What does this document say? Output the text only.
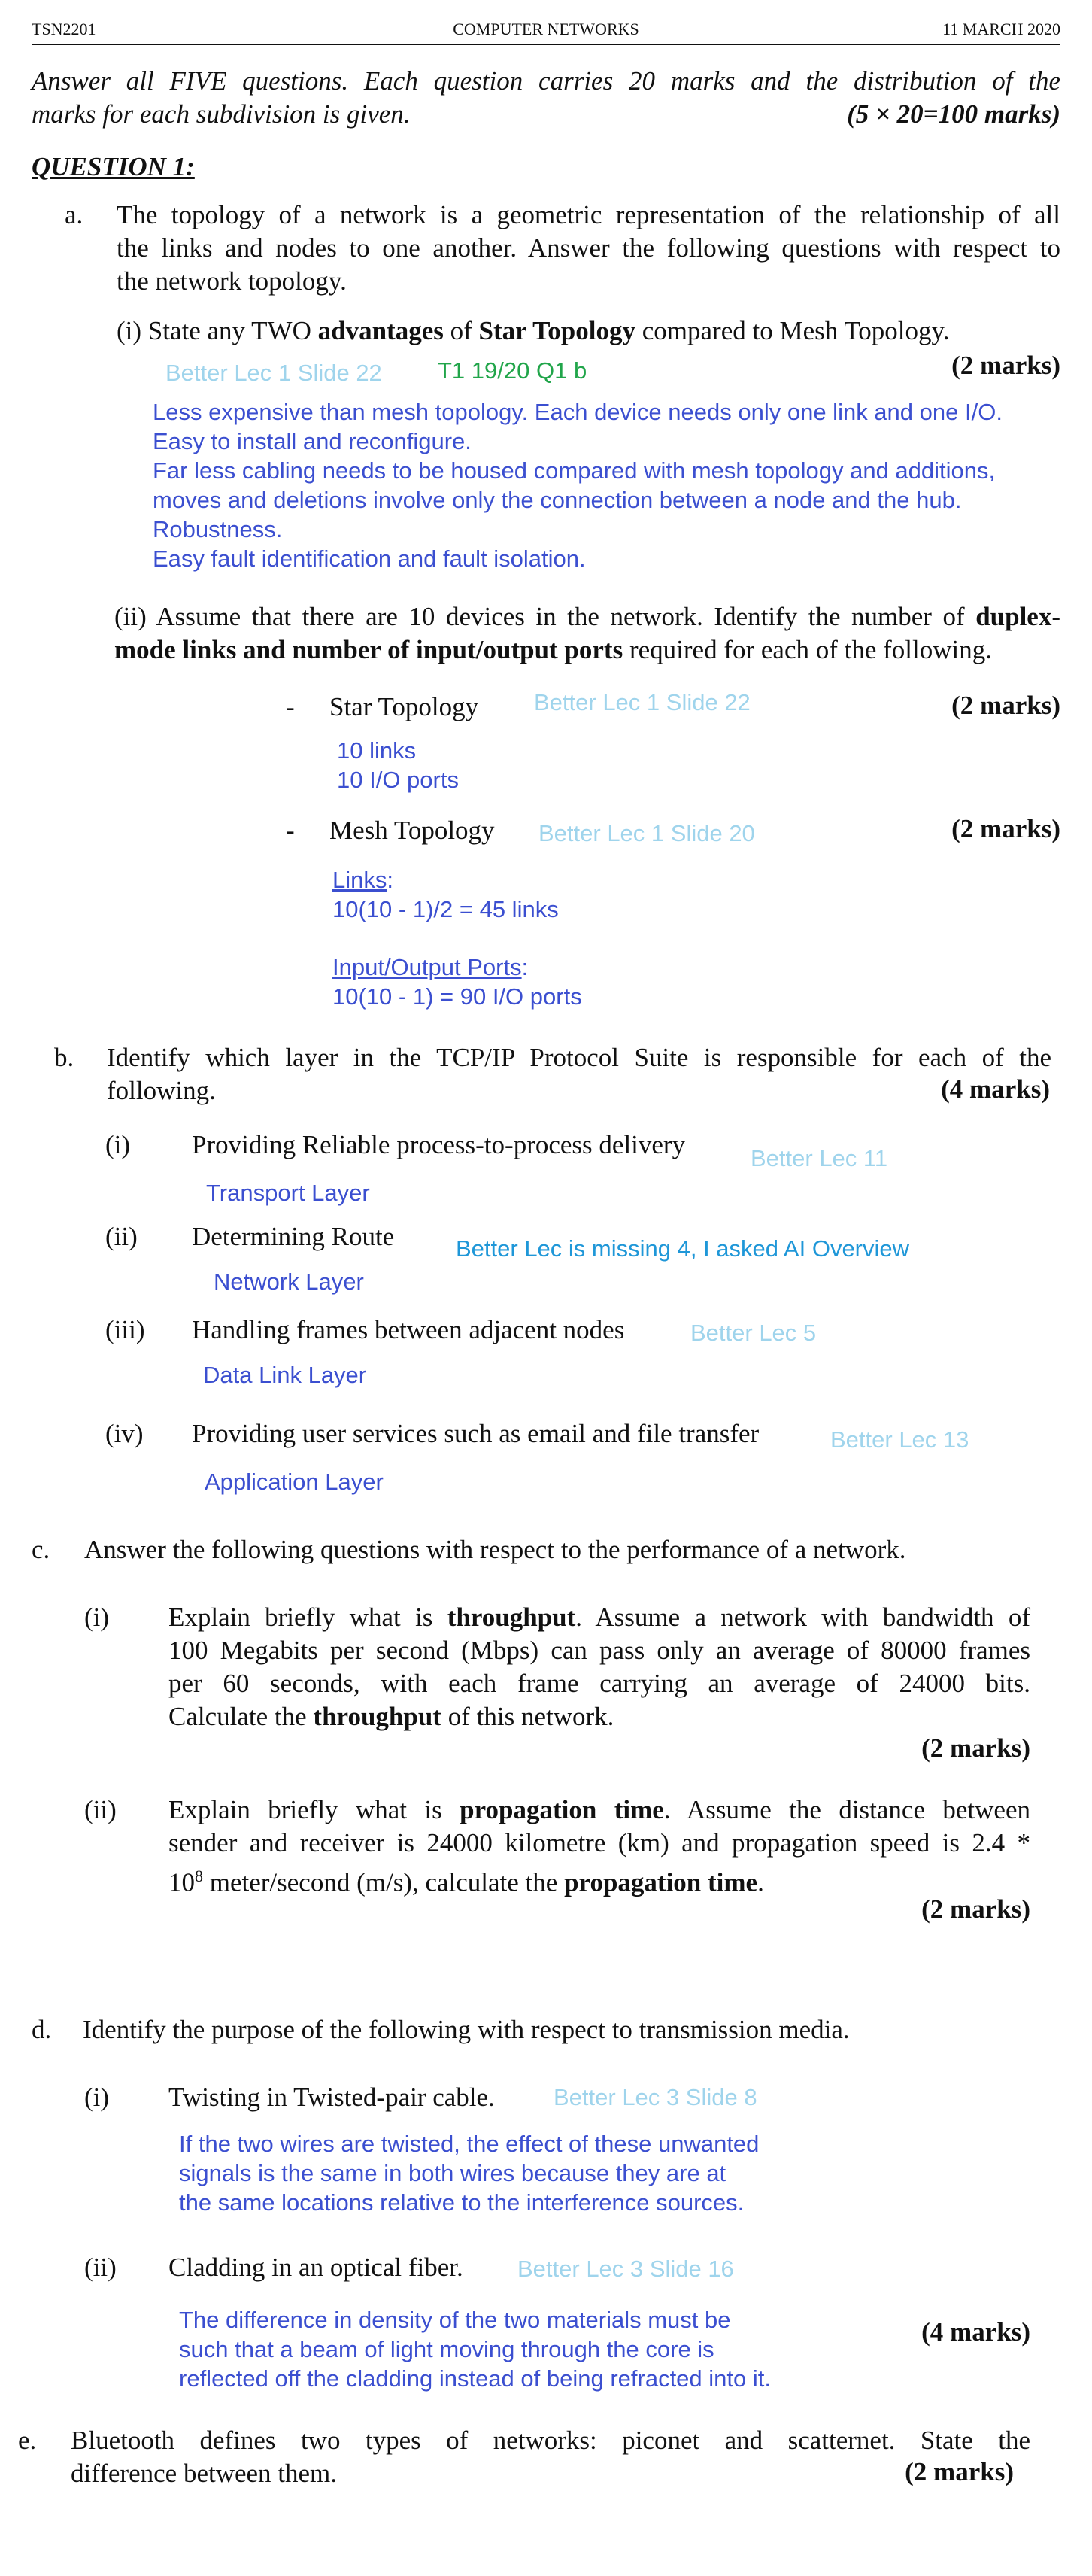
TSN2201	COMPUTER NETWORKS	11 MARCH 2020
Answer all FIVE questions. Each question carries 20 marks and the distribution of the
marks for each subdivision is given.	(5 × 20=100 marks)
QUESTION 1:
a. The topology of a network is a geometric representation of the relationship of all
the links and nodes to one another. Answer the following questions with respect to
the network topology.
(i) State any TWO advantages of Star Topology compared to Mesh Topology.
Better Lec 1 Slide 22 T1 19/20 Q1 b	(2 marks)
Less expensive than mesh topology. Each device needs only one link and one I/O.
Easy to install and reconfigure.
Far less cabling needs to be housed compared with mesh topology and additions,
moves and deletions involve only the connection between a node and the hub.
Robustness.
Easy fault identification and fault isolation.
(ii) Assume that there are 10 devices in the network. Identify the number of duplex-
mode links and number of input/output ports required for each of the following.
- Star Topology Better Lec 1 Slide 22	(2 marks)
10 links
10 I/O ports
- Mesh Topology Better Lec 1 Slide 20	(2 marks)
Links:
10(10 - 1)/2 = 45 links
Input/Output Ports:
10(10 - 1) = 90 I/O ports
b. Identify which layer in the TCP/IP Protocol Suite is responsible for each of the
following.	(4 marks)
(i) Providing Reliable process-to-process delivery	Better Lec 11
Transport Layer
(ii) Determining Route	Better Lec is missing 4, I asked AI Overview
Network Layer
(iii) Handling frames between adjacent nodes	Better Lec 5
Data Link Layer
(iv) Providing user services such as email and file transfer	Better Lec 13
Application Layer
c. Answer the following questions with respect to the performance of a network.
(i) Explain briefly what is throughput. Assume a network with bandwidth of
100 Megabits per second (Mbps) can pass only an average of 80000 frames
per 60 seconds, with each frame carrying an average of 24000 bits.
Calculate the throughput of this network.
(2 marks)
(ii) Explain briefly what is propagation time. Assume the distance between
sender and receiver is 24000 kilometre (km) and propagation speed is 2.4 *
$10^8$ meter/second (m/s), calculate the propagation time.
(2 marks)
d. Identify the purpose of the following with respect to transmission media.
(i) Twisting in Twisted-pair cable.	Better Lec 3 Slide 8
If the two wires are twisted, the effect of these unwanted
signals is the same in both wires because they are at
the same locations relative to the interference sources.
(ii) Cladding in an optical fiber. Better Lec 3 Slide 16
The difference in density of the two materials must be
such that a beam of light moving through the core is
reflected off the cladding instead of being refracted into it.
(4 marks)
e. Bluetooth defines two types of networks: piconet and scatternet. State the
difference between them.	(2 marks)
